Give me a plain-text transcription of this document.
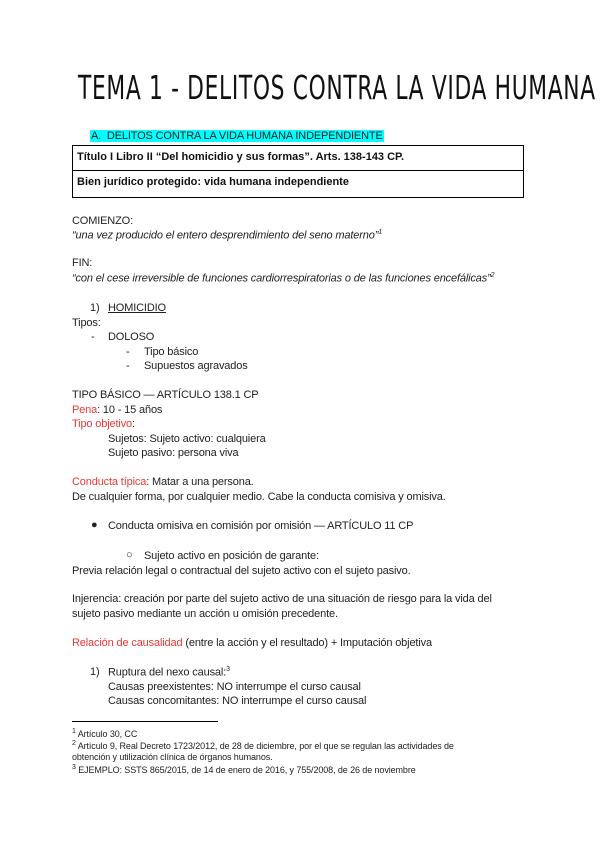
TEMA 1 - DELITOS CONTRA LA VIDA HUMANA
A. DELITOS CONTRA LA VIDA HUMANA INDEPENDIENTE
Título I Libro II “Del homicidio y sus formas”. Arts. 138-143 CP.
Bien jurídico protegido: vida humana independiente
COMIENZO:
“una vez producido el entero desprendimiento del seno materno”$^1$
FIN:
“con el cese irreversible de funciones cardiorrespiratorias o de las funciones encefálicas”$^2$
1) HOMICIDIO
Tipos:
- DOLOSO
- Tipo básico
- Supuestos agravados
TIPO BÁSICO — ARTÍCULO 138.1 CP
Pena: 10 - 15 años
Tipo objetivo:
Sujetos: Sujeto activo: cualquiera
Sujeto pasivo: persona viva
Conducta típica: Matar a una persona.
De cualquier forma, por cualquier medio. Cabe la conducta comisiva y omisiva.
● Conducta omisiva en comisión por omisión — ARTÍCULO 11 CP
○ Sujeto activo en posición de garante:
Previa relación legal o contractual del sujeto activo con el sujeto pasivo.
Injerencia: creación por parte del sujeto activo de una situación de riesgo para la vida del
sujeto pasivo mediante un acción u omisión precedente.
Relación de causalidad (entre la acción y el resultado) + Imputación objetiva
1) Ruptura del nexo causal:$^3$
Causas preexistentes: NO interrumpe el curso causal
Causas concomitantes: NO interrumpe el curso causal
$^1$ Artículo 30, CC
$^2$ Artículo 9, Real Decreto 1723/2012, de 28 de diciembre, por el que se regulan las actividades de
obtención y utilización clínica de órganos humanos.
$^3$ EJEMPLO: SSTS 865/2015, de 14 de enero de 2016, y 755/2008, de 26 de noviembre
